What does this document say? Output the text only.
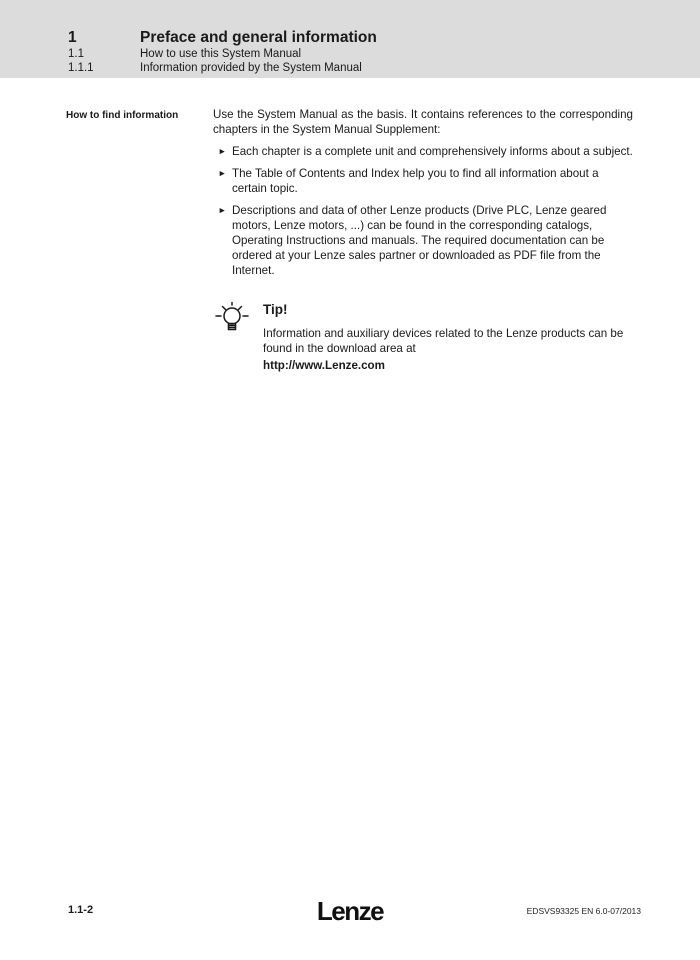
1	Preface and general information
1.1	How to use this System Manual
1.1.1	Information provided by the System Manual
How to find information	Use the System Manual as the basis. It contains references to the corresponding chapters in the System Manual Supplement:

► Each chapter is a complete unit and comprehensively informs about a subject.
► The Table of Contents and Index help you to find all information about a certain topic.
► Descriptions and data of other Lenze products (Drive PLC, Lenze geared motors, Lenze motors, ...) can be found in the corresponding catalogs, Operating Instructions and manuals. The required documentation can be ordered at your Lenze sales partner or downloaded as PDF file from the Internet.
Tip!
Information and auxiliary devices related to the Lenze products can be found in the download area at
http://www.Lenze.com
1.1-2	Lenze	EDSVS93325 EN 6.0-07/2013
